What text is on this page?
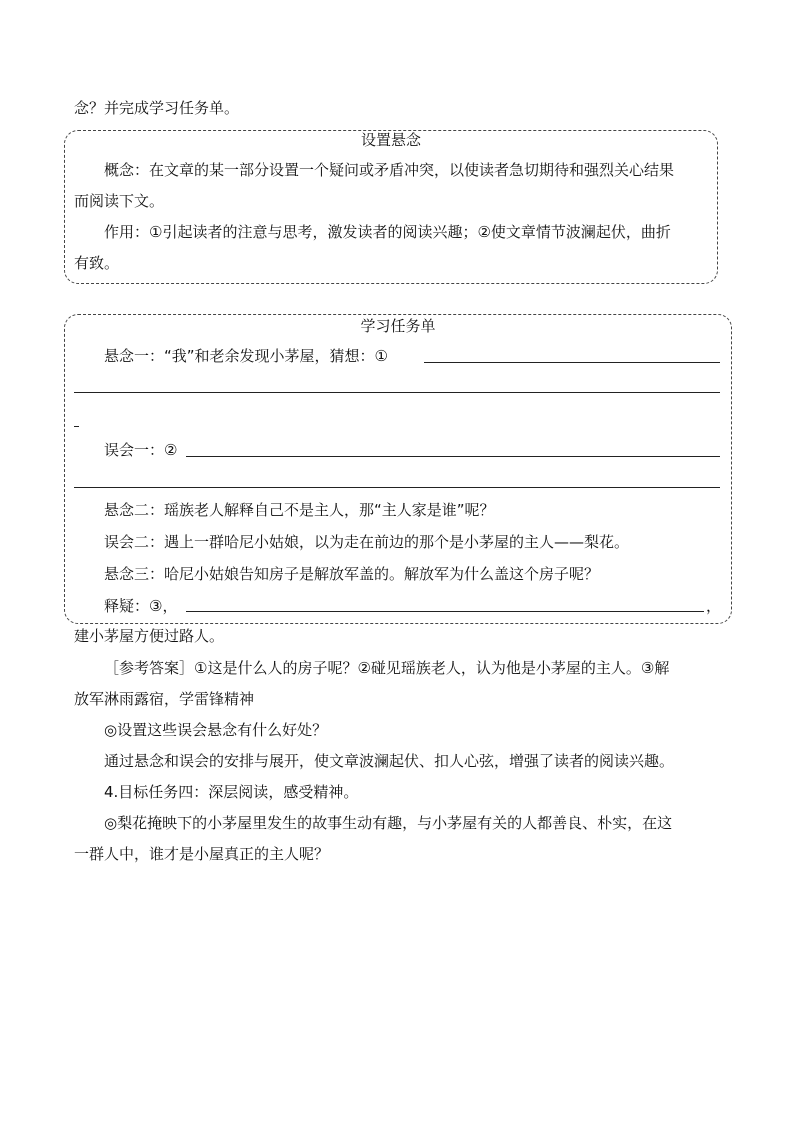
念？并完成学习任务单。
设置悬念
概念：在文章的某一部分设置一个疑问或矛盾冲突，以使读者急切期待和强烈关心结果
而阅读下文。
作用：①引起读者的注意与思考，激发读者的阅读兴趣；②使文章情节波澜起伏，曲折
有致。
学习任务单
悬念一：“我”和老余发现小茅屋，猜想：①
误会一：②
悬念二：瑶族老人解释自己不是主人，那“主人家是谁”呢？
误会二：遇上一群哈尼小姑娘，以为走在前边的那个是小茅屋的主人——梨花。
悬念三：哈尼小姑娘告知房子是解放军盖的。解放军为什么盖这个房子呢？
释疑：③，	，
建小茅屋方便过路人。
［参考答案］①这是什么人的房子呢？②碰见瑶族老人，认为他是小茅屋的主人。③解
放军淋雨露宿，学雷锋精神
◎设置这些误会悬念有什么好处？
通过悬念和误会的安排与展开，使文章波澜起伏、扣人心弦，增强了读者的阅读兴趣。
4.目标任务四：深层阅读，感受精神。
◎梨花掩映下的小茅屋里发生的故事生动有趣，与小茅屋有关的人都善良、朴实，在这
一群人中，谁才是小屋真正的主人呢？
